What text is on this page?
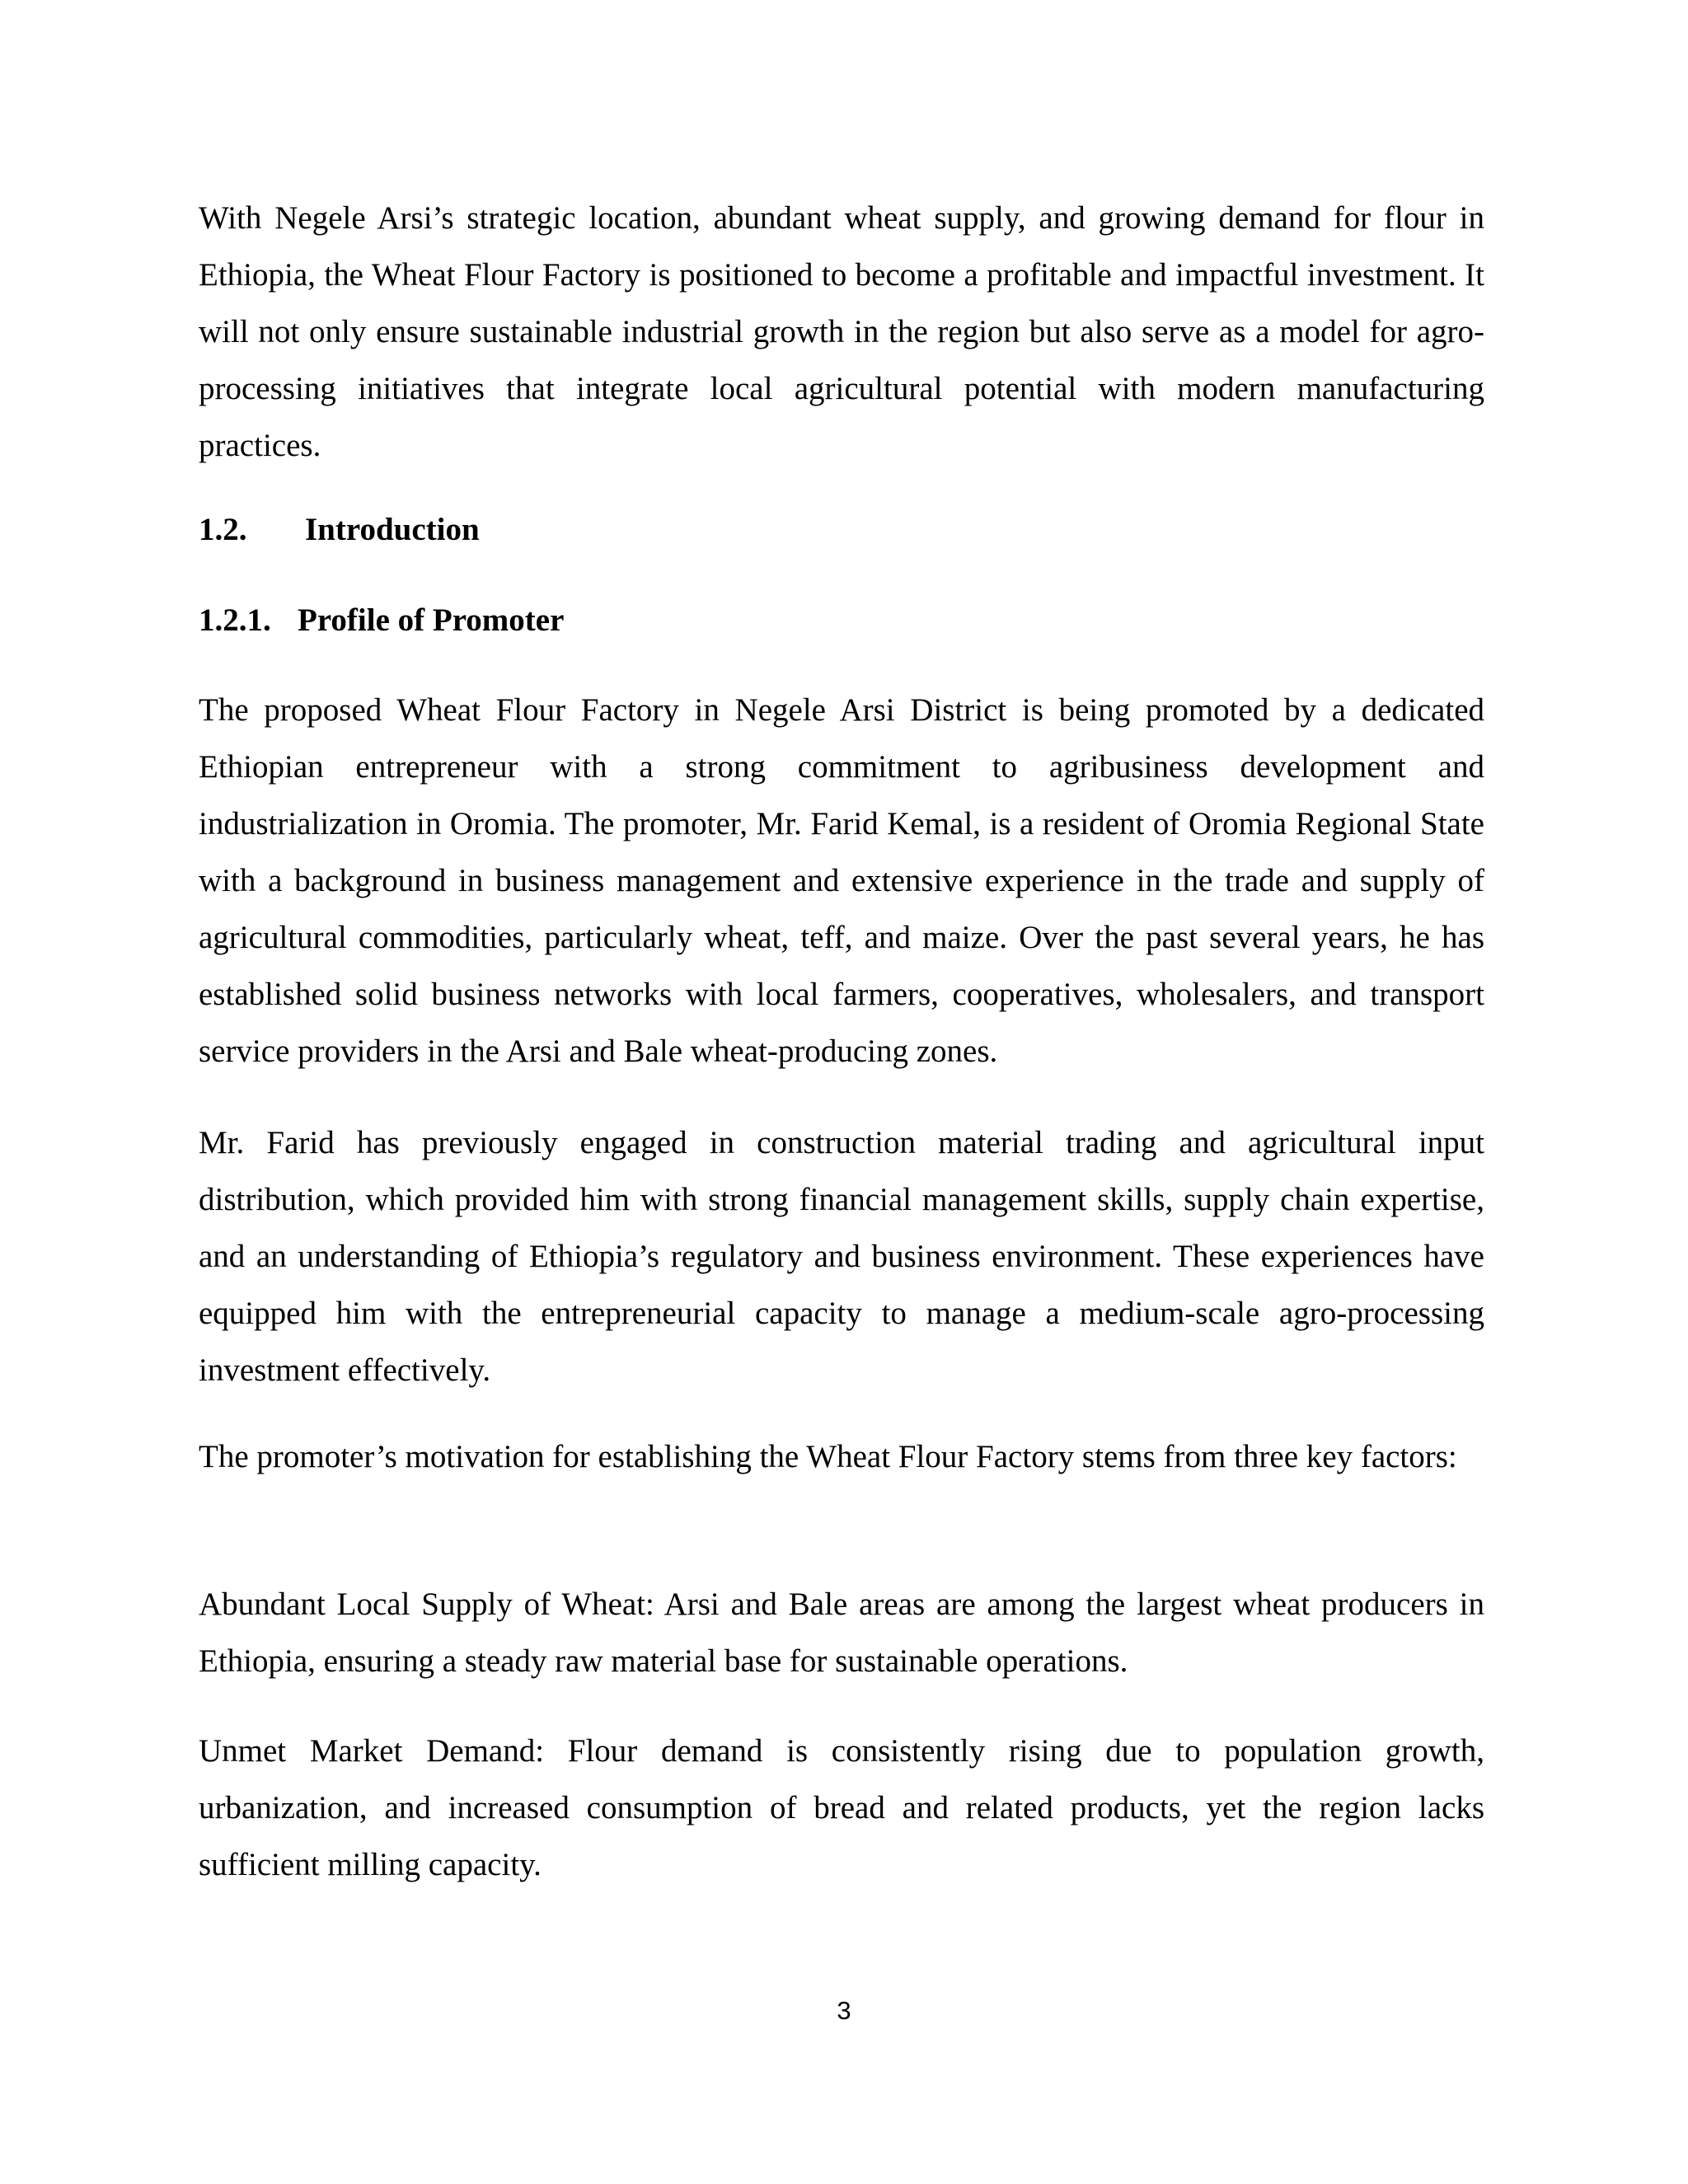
With Negele Arsi’s strategic location, abundant wheat supply, and growing demand for flour in Ethiopia, the Wheat Flour Factory is positioned to become a profitable and impactful investment. It will not only ensure sustainable industrial growth in the region but also serve as a model for agro-processing initiatives that integrate local agricultural potential with modern manufacturing practices.

1.2. Introduction
1.2.1. Profile of Promoter

The proposed Wheat Flour Factory in Negele Arsi District is being promoted by a dedicated Ethiopian entrepreneur with a strong commitment to agribusiness development and industrialization in Oromia. The promoter, Mr. Farid Kemal, is a resident of Oromia Regional State with a background in business management and extensive experience in the trade and supply of agricultural commodities, particularly wheat, teff, and maize. Over the past several years, he has established solid business networks with local farmers, cooperatives, wholesalers, and transport service providers in the Arsi and Bale wheat-producing zones.

Mr. Farid has previously engaged in construction material trading and agricultural input distribution, which provided him with strong financial management skills, supply chain expertise, and an understanding of Ethiopia’s regulatory and business environment. These experiences have equipped him with the entrepreneurial capacity to manage a medium-scale agro-processing investment effectively.

The promoter’s motivation for establishing the Wheat Flour Factory stems from three key factors:

Abundant Local Supply of Wheat: Arsi and Bale areas are among the largest wheat producers in Ethiopia, ensuring a steady raw material base for sustainable operations.

Unmet Market Demand: Flour demand is consistently rising due to population growth, urbanization, and increased consumption of bread and related products, yet the region lacks sufficient milling capacity.

3
